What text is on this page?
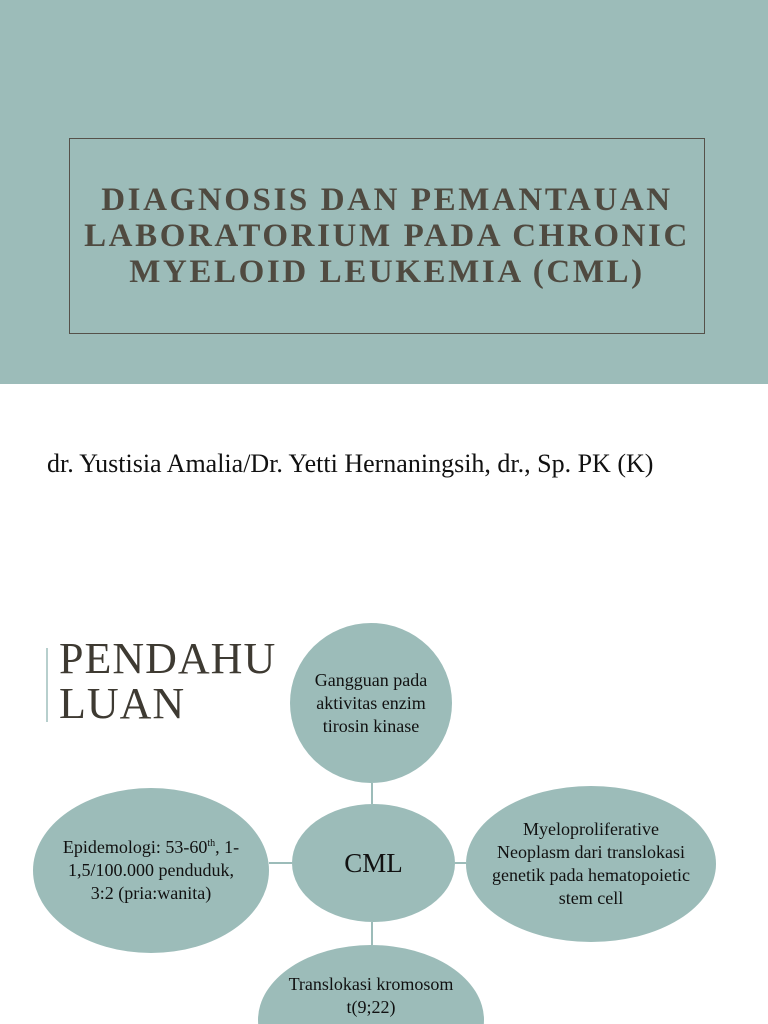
DIAGNOSIS DAN PEMANTAUAN LABORATORIUM PADA CHRONIC MYELOID LEUKEMIA (CML)
dr. Yustisia Amalia/Dr. Yetti Hernaningsih, dr., Sp. PK (K)
PENDAHU LUAN	Gangguan pada aktivitas enzim tirosin kinase
CML
Epidemologi: 53-60th, 1-1,5/100.000 penduduk, 3:2 (pria:wanita)
Myeloproliferative Neoplasm dari translokasi genetik pada hematopoietic stem cell
Translokasi kromosom t(9;22)
